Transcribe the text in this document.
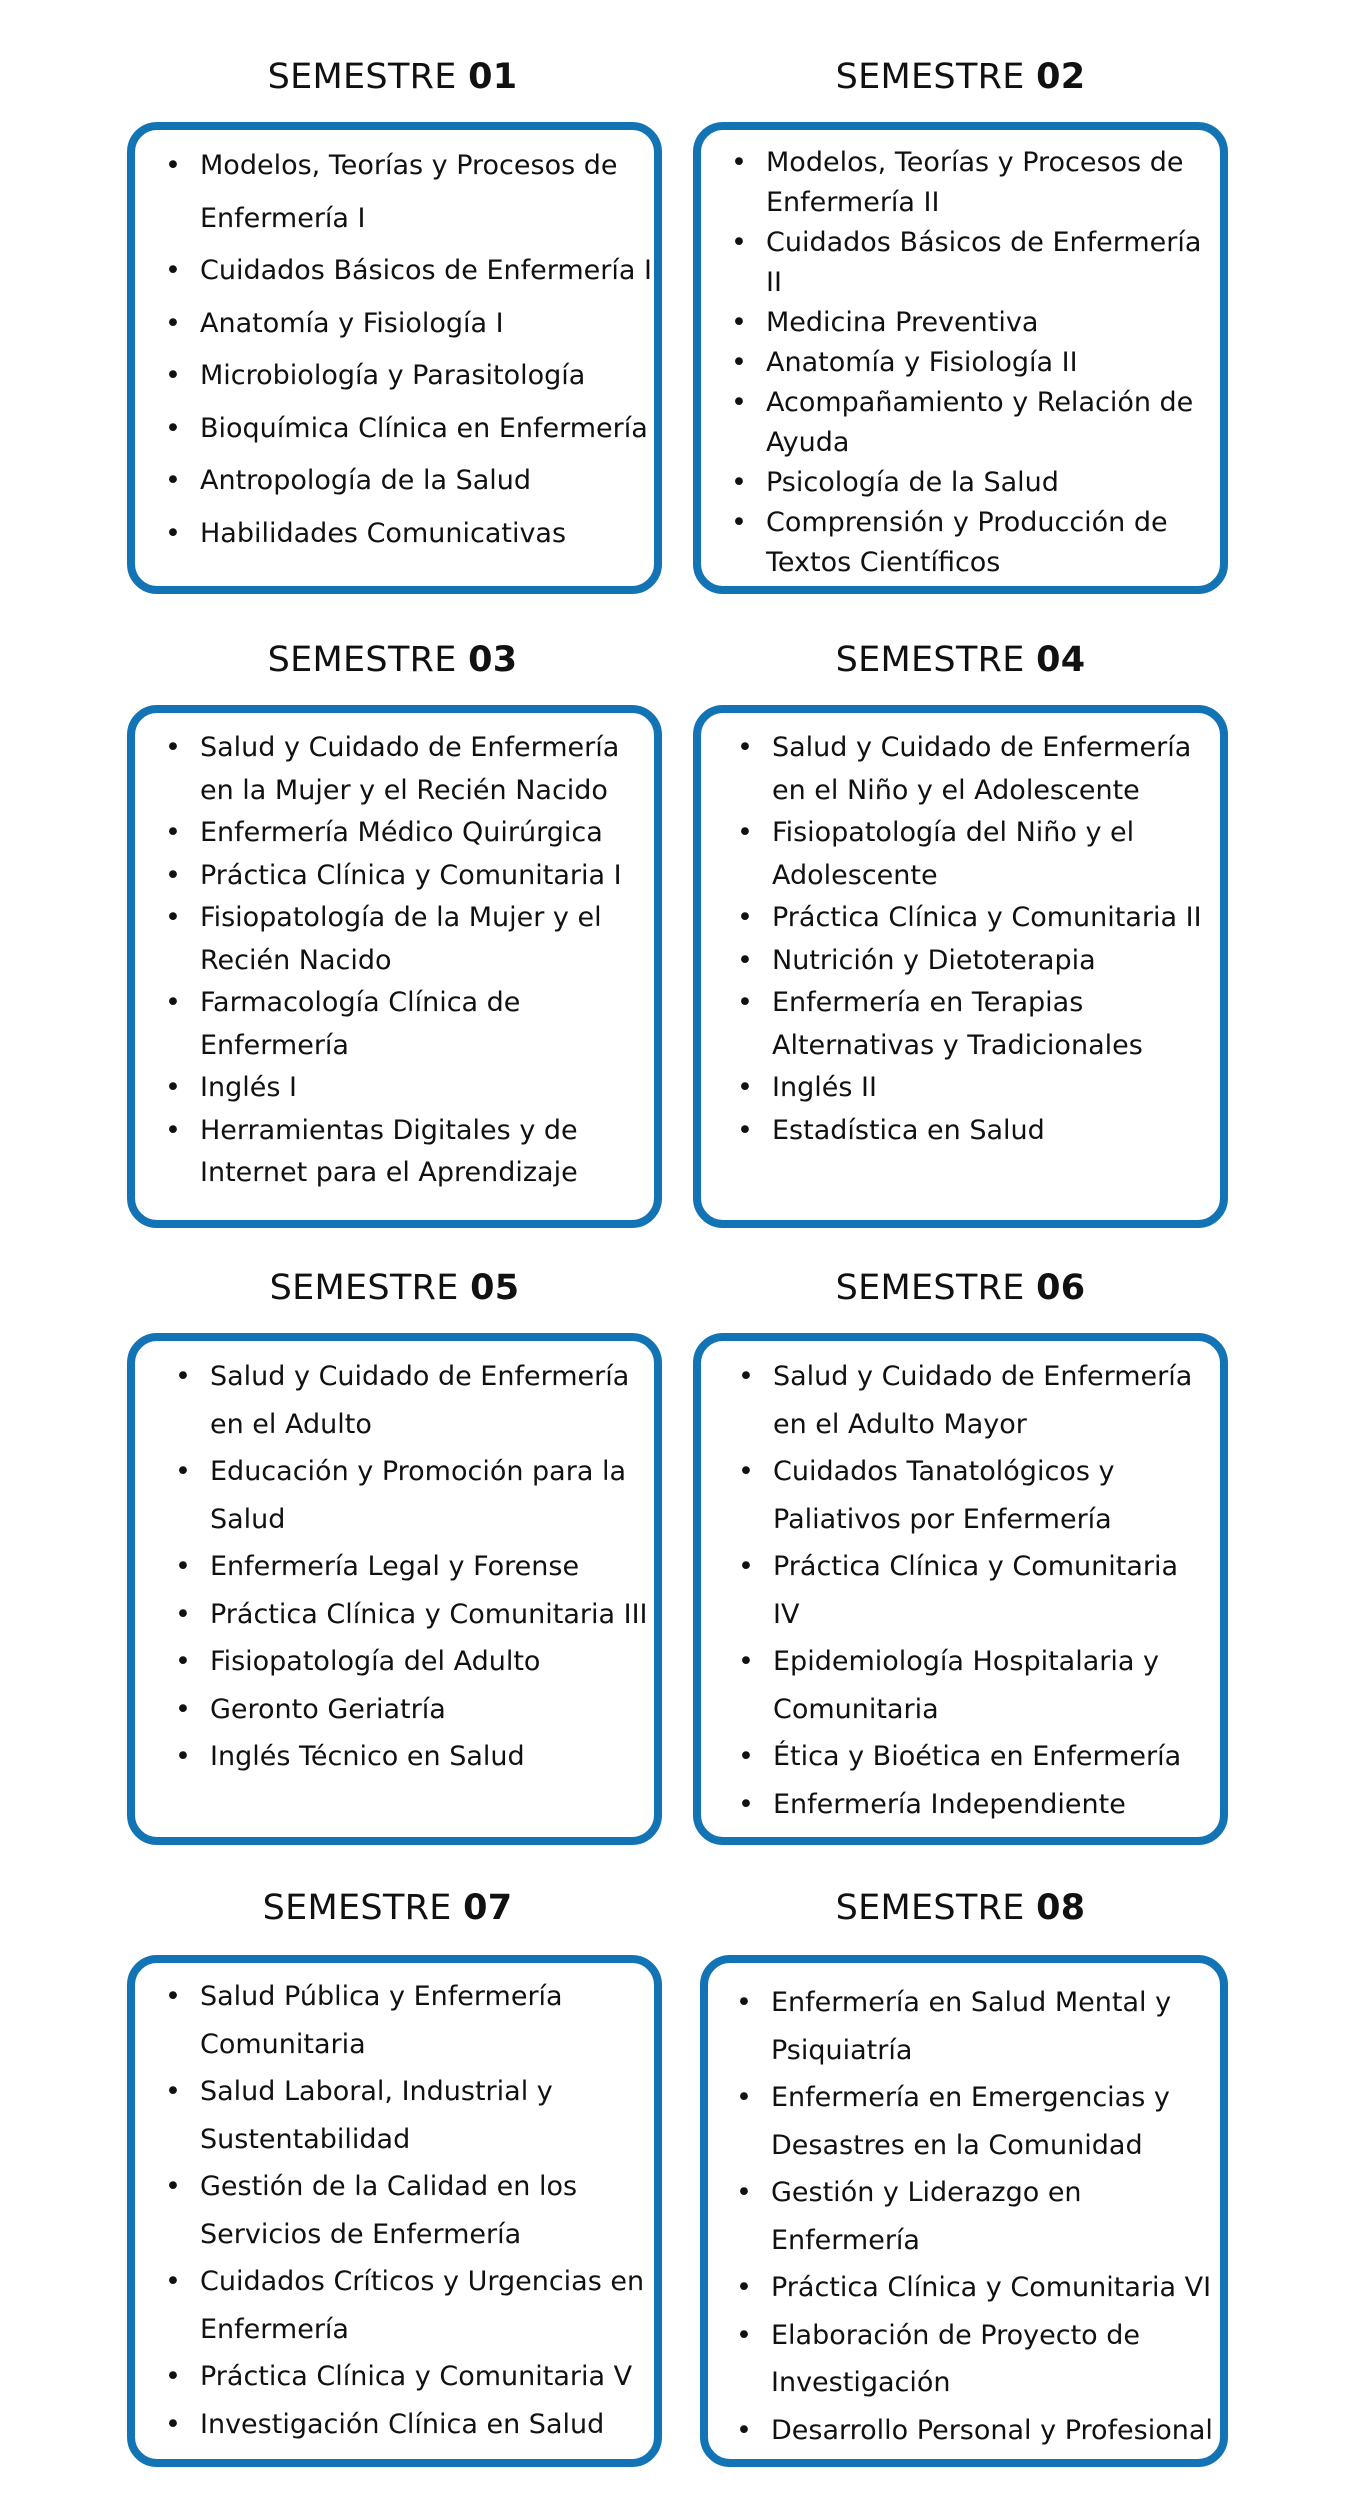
SEMESTRE 01
• Modelos, Teorías y Procesos de
Enfermería I
• Cuidados Básicos de Enfermería I
• Anatomía y Fisiología I
• Microbiología y Parasitología
• Bioquímica Clínica en Enfermería
• Antropología de la Salud
• Habilidades Comunicativas
SEMESTRE 02
• Modelos, Teorías y Procesos de
Enfermería II
• Cuidados Básicos de Enfermería
II
• Medicina Preventiva
• Anatomía y Fisiología II
• Acompañamiento y Relación de
Ayuda
• Psicología de la Salud
• Comprensión y Producción de
Textos Científicos
SEMESTRE 03
• Salud y Cuidado de Enfermería
en la Mujer y el Recién Nacido
• Enfermería Médico Quirúrgica
• Práctica Clínica y Comunitaria I
• Fisiopatología de la Mujer y el
Recién Nacido
• Farmacología Clínica de
Enfermería
• Inglés I
• Herramientas Digitales y de
Internet para el Aprendizaje
SEMESTRE 04
• Salud y Cuidado de Enfermería
en el Niño y el Adolescente
• Fisiopatología del Niño y el
Adolescente
• Práctica Clínica y Comunitaria II
• Nutrición y Dietoterapia
• Enfermería en Terapias
Alternativas y Tradicionales
• Inglés II
• Estadística en Salud
SEMESTRE 05
• Salud y Cuidado de Enfermería
en el Adulto
• Educación y Promoción para la
Salud
• Enfermería Legal y Forense
• Práctica Clínica y Comunitaria III
• Fisiopatología del Adulto
• Geronto Geriatría
• Inglés Técnico en Salud
SEMESTRE 06
• Salud y Cuidado de Enfermería
en el Adulto Mayor
• Cuidados Tanatológicos y
Paliativos por Enfermería
• Práctica Clínica y Comunitaria
IV
• Epidemiología Hospitalaria y
Comunitaria
• Ética y Bioética en Enfermería
• Enfermería Independiente
SEMESTRE 07
• Salud Pública y Enfermería
Comunitaria
• Salud Laboral, Industrial y
Sustentabilidad
• Gestión de la Calidad en los
Servicios de Enfermería
• Cuidados Críticos y Urgencias en
Enfermería
• Práctica Clínica y Comunitaria V
• Investigación Clínica en Salud
SEMESTRE 08
• Enfermería en Salud Mental y
Psiquiatría
• Enfermería en Emergencias y
Desastres en la Comunidad
• Gestión y Liderazgo en
Enfermería
• Práctica Clínica y Comunitaria VI
• Elaboración de Proyecto de
Investigación
• Desarrollo Personal y Profesional
